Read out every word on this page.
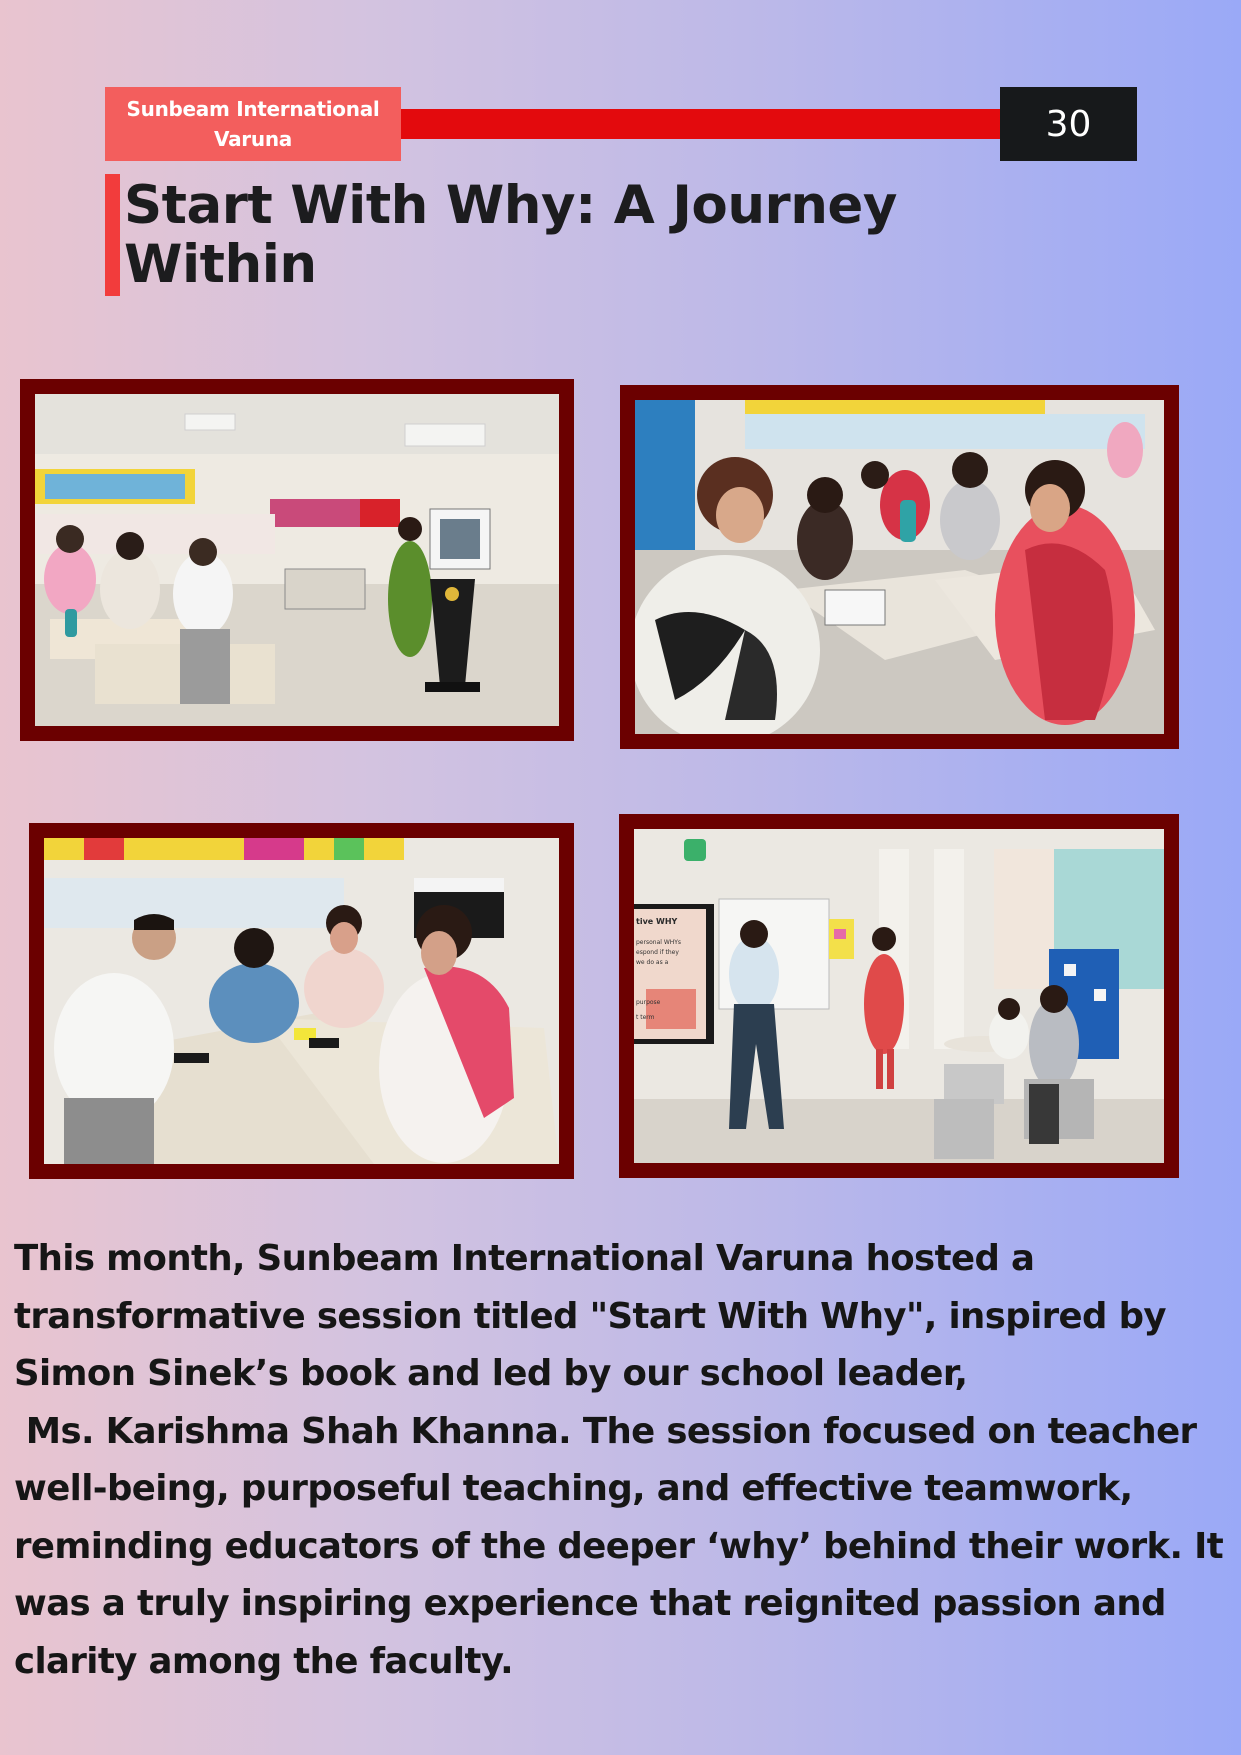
Sunbeam International
Varuna	30
Start With Why: A Journey
Within
tive WHY
personal WHYs
espond if they
we do as a
purpose
t term

This month, Sunbeam International Varuna hosted a
transformative session titled "Start With Why", inspired by
Simon Sinek’s book and led by our school leader,
Ms. Karishma Shah Khanna. The session focused on teacher
well-being, purposeful teaching, and effective teamwork,
reminding educators of the deeper ‘why’ behind their work. It
was a truly inspiring experience that reignited passion and
clarity among the faculty.
